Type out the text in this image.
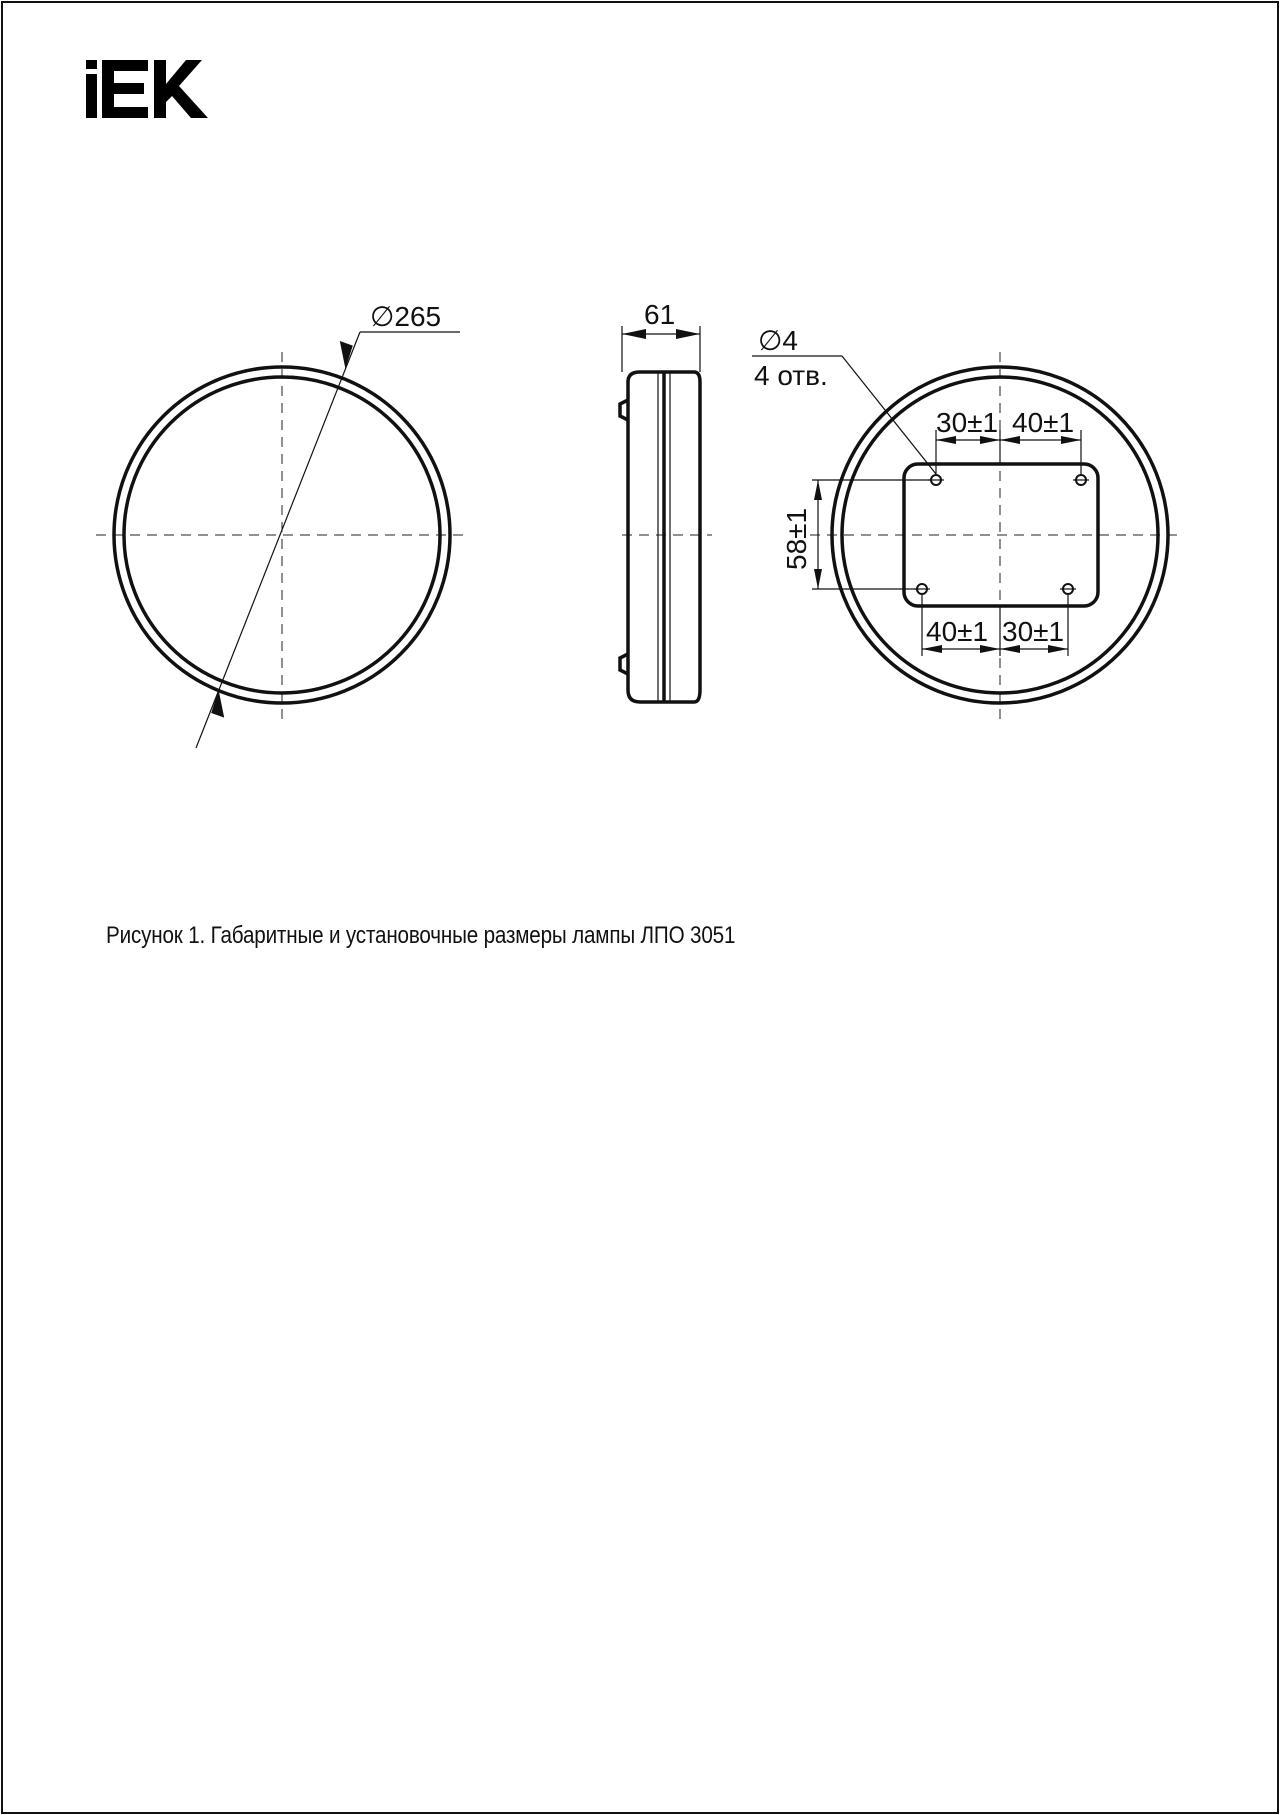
∅265	61
∅4
4 отв.
30±1 40±1
40±1 30±1
58±1
Рисунок 1. Габаритные и установочные размеры лампы ЛПО 3051
